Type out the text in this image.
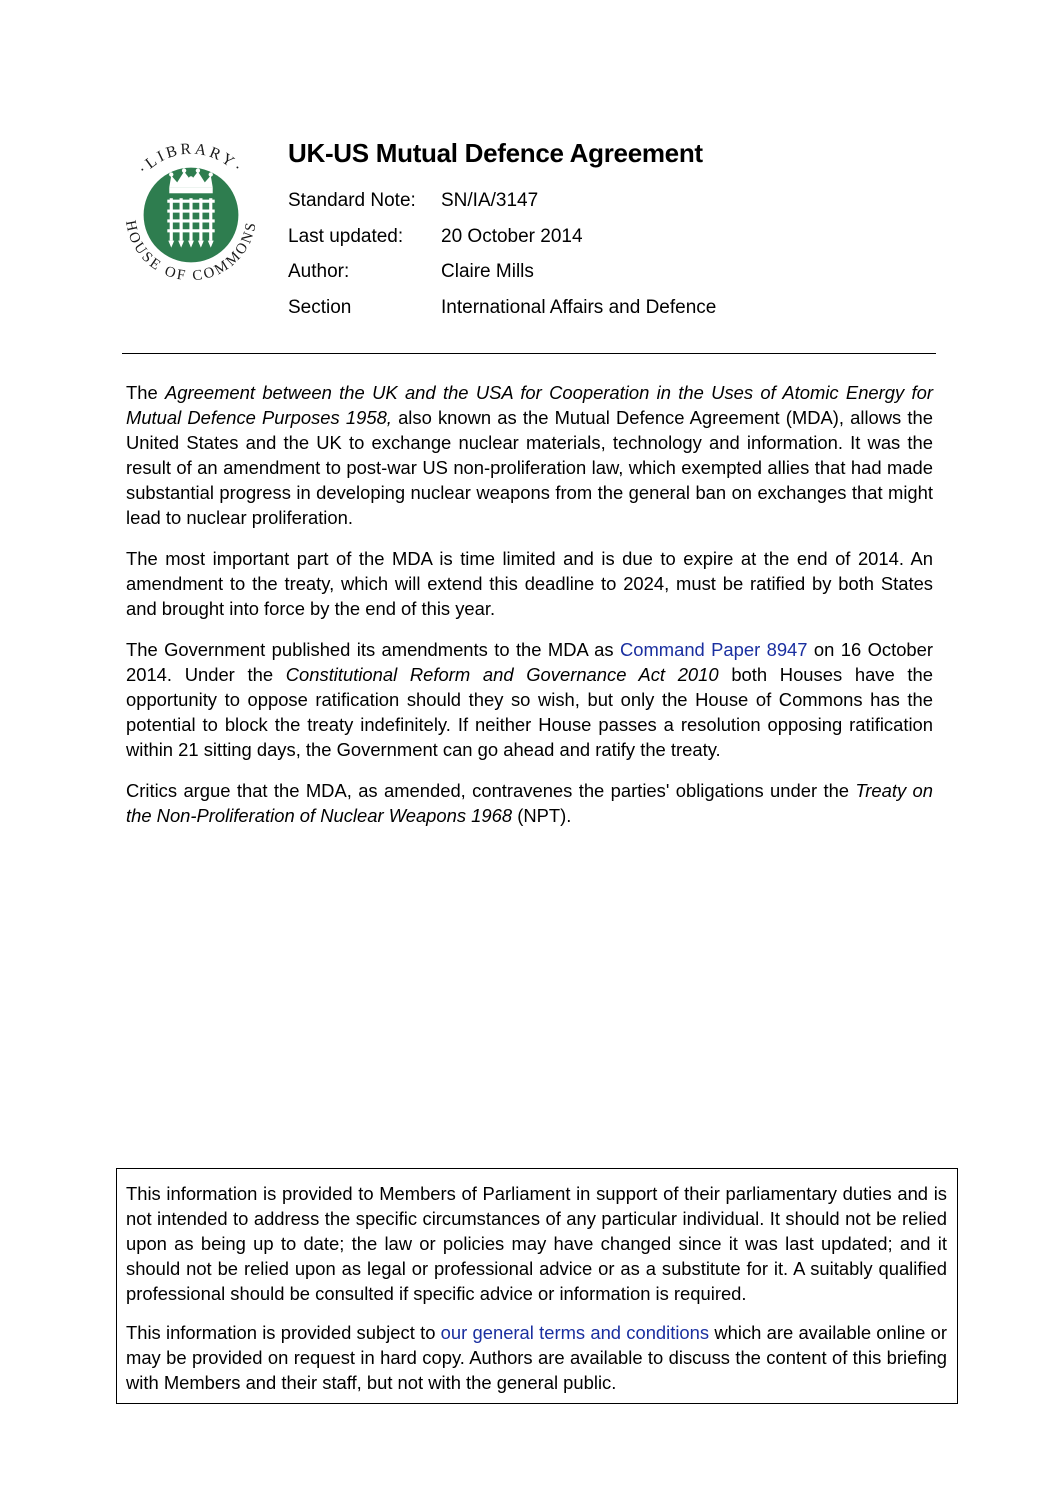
·LIBRARY·
HOUSE OF COMMONS
UK-US Mutual Defence Agreement
Standard Note:	SN/IA/3147
Last updated:	20 October 2014
Author:	Claire Mills
Section	International Affairs and Defence

The Agreement between the UK and the USA for Cooperation in the Uses of Atomic Energy for Mutual Defence Purposes 1958, also known as the Mutual Defence Agreement (MDA), allows the United States and the UK to exchange nuclear materials, technology and information. It was the result of an amendment to post-war US non-proliferation law, which exempted allies that had made substantial progress in developing nuclear weapons from the general ban on exchanges that might lead to nuclear proliferation.

The most important part of the MDA is time limited and is due to expire at the end of 2014. An amendment to the treaty, which will extend this deadline to 2024, must be ratified by both States and brought into force by the end of this year.

The Government published its amendments to the MDA as Command Paper 8947 on 16 October 2014. Under the Constitutional Reform and Governance Act 2010 both Houses have the opportunity to oppose ratification should they so wish, but only the House of Commons has the potential to block the treaty indefinitely. If neither House passes a resolution opposing ratification within 21 sitting days, the Government can go ahead and ratify the treaty.

Critics argue that the MDA, as amended, contravenes the parties' obligations under the Treaty on the Non-Proliferation of Nuclear Weapons 1968 (NPT).

This information is provided to Members of Parliament in support of their parliamentary duties and is not intended to address the specific circumstances of any particular individual. It should not be relied upon as being up to date; the law or policies may have changed since it was last updated; and it should not be relied upon as legal or professional advice or as a substitute for it. A suitably qualified professional should be consulted if specific advice or information is required.

This information is provided subject to our general terms and conditions which are available online or may be provided on request in hard copy. Authors are available to discuss the content of this briefing with Members and their staff, but not with the general public.
